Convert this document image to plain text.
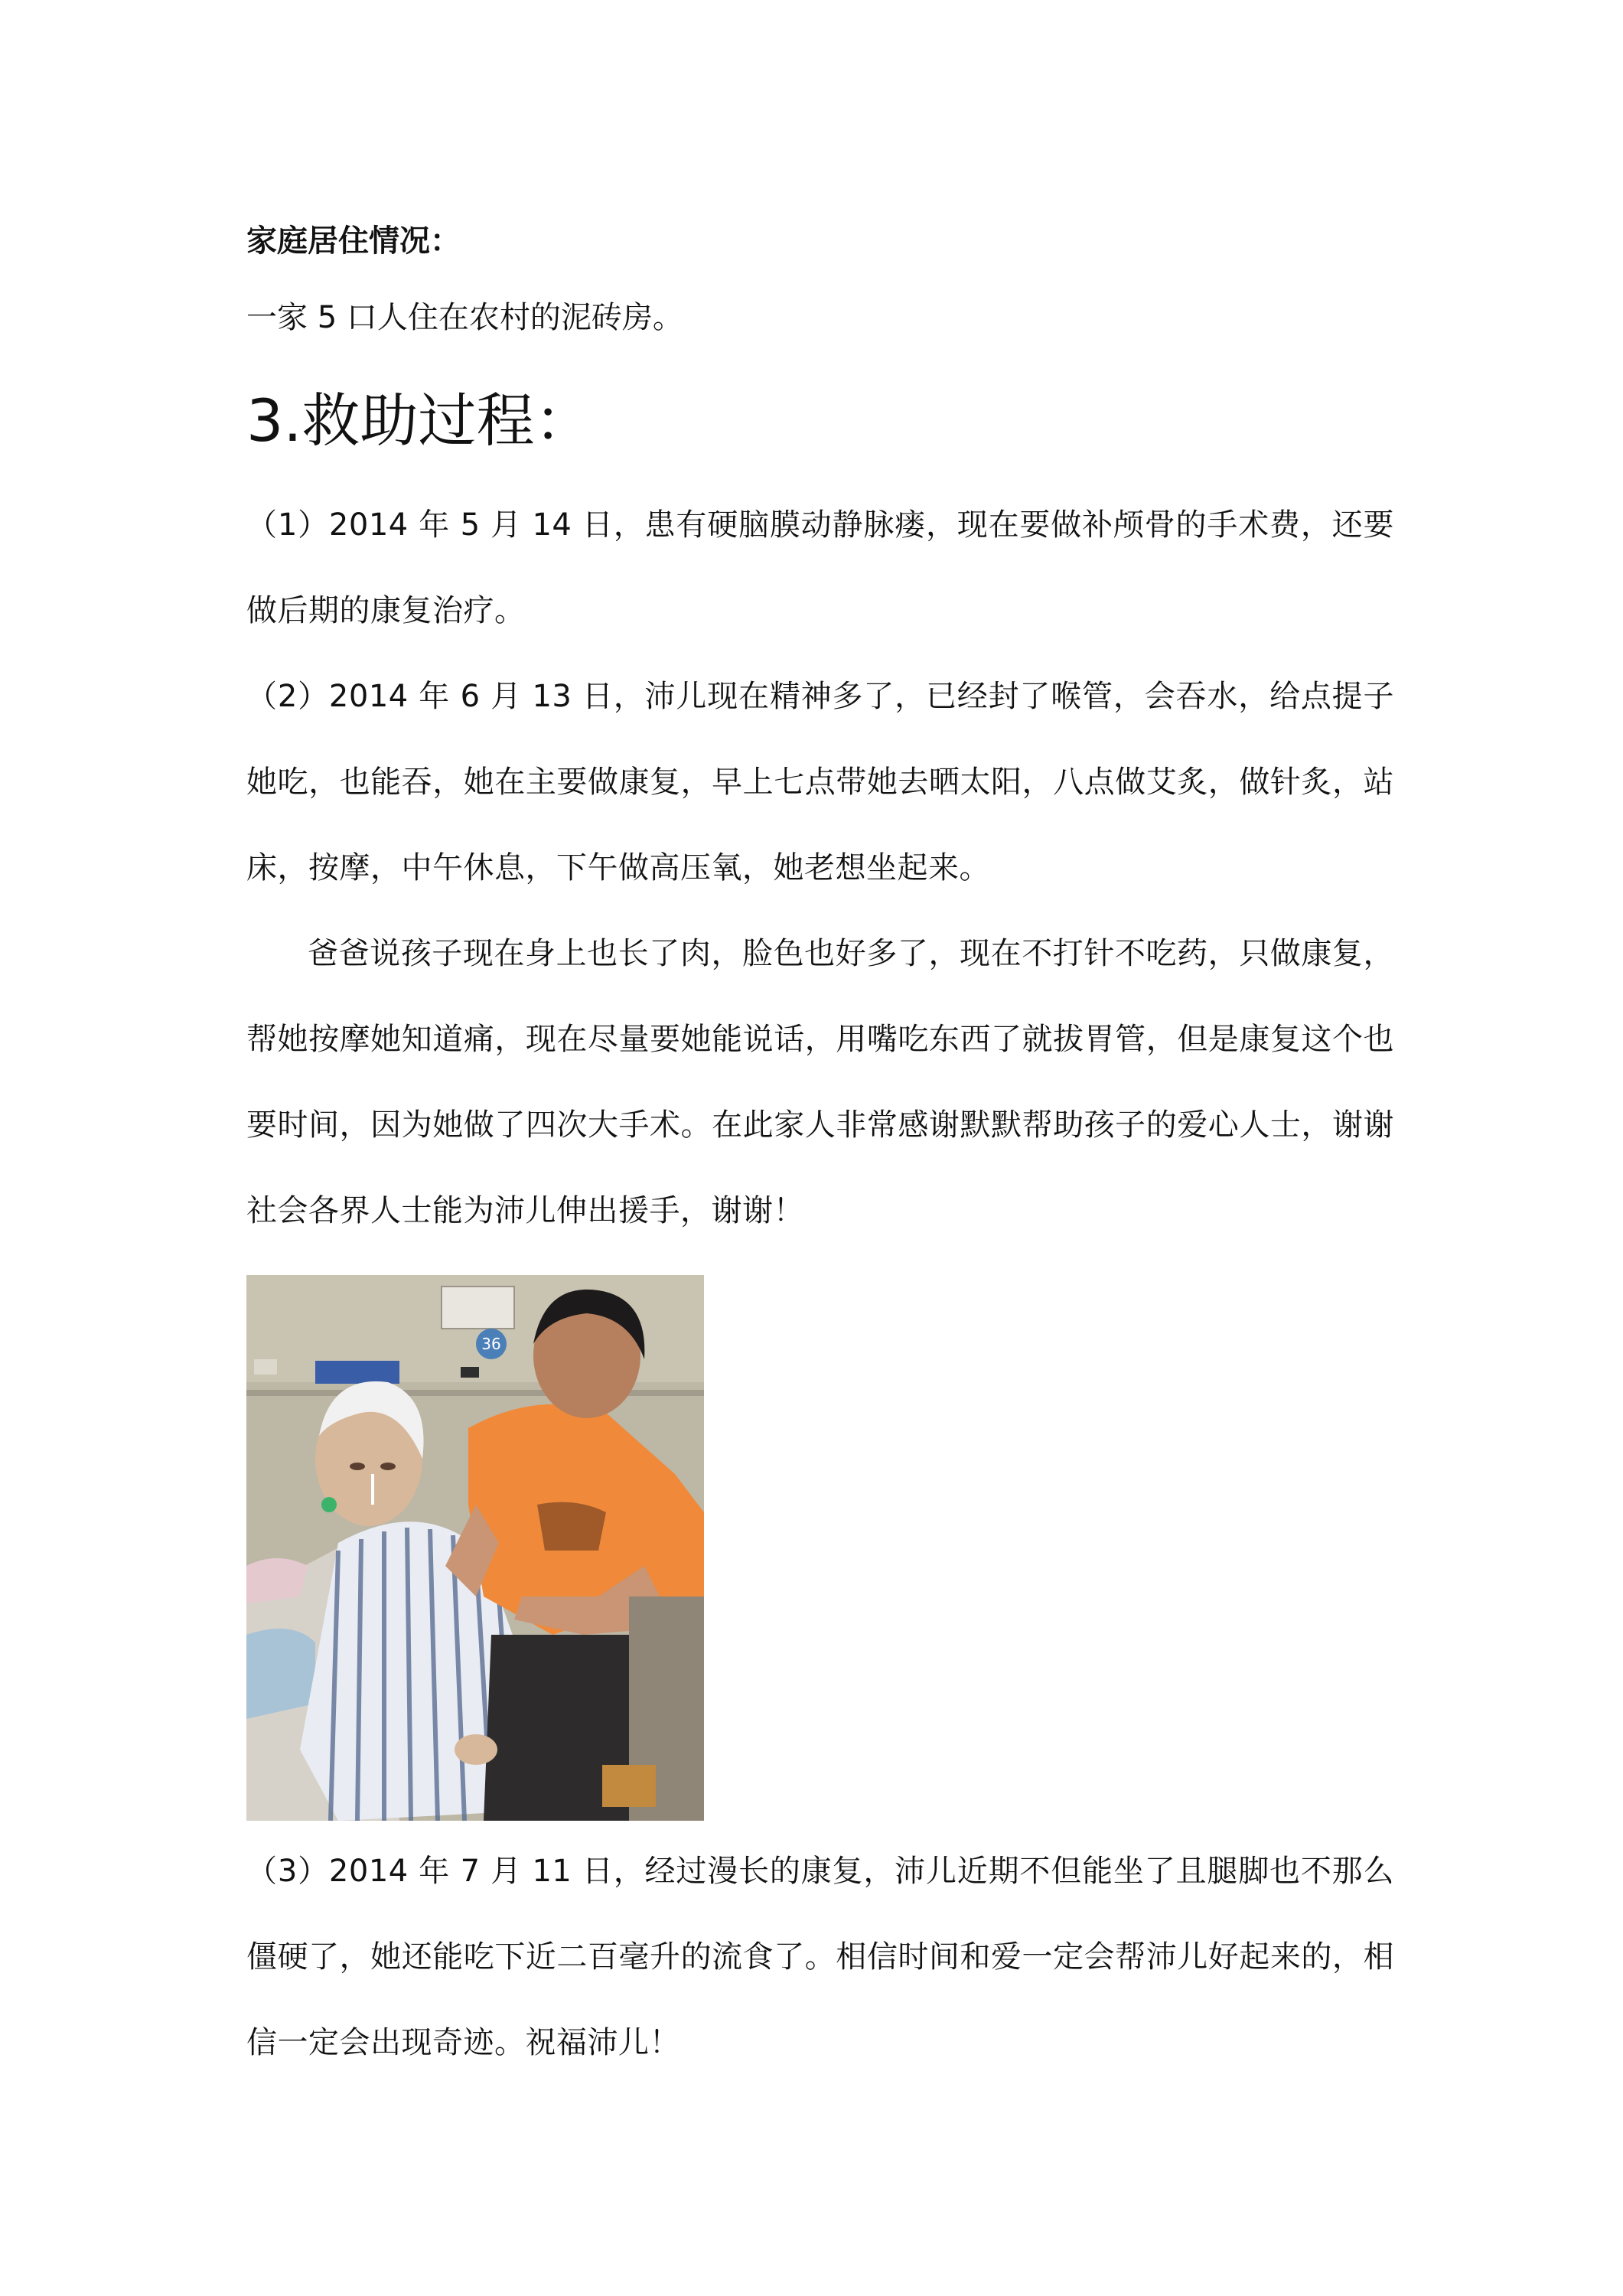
家庭居住情况：

一家 5 口人住在农村的泥砖房。

3.救助过程：

（1）2014 年 5 月 14 日，患有硬脑膜动静脉瘘，现在要做补颅骨的手术费，还要做后期的康复治疗。

（2）2014 年 6 月 13 日，沛儿现在精神多了，已经封了喉管，会吞水，给点提子她吃，也能吞，她在主要做康复，早上七点带她去晒太阳，八点做艾炙，做针炙，站床，按摩，中午休息，下午做高压氧，她老想坐起来。

爸爸说孩子现在身上也长了肉，脸色也好多了，现在不打针不吃药，只做康复，帮她按摩她知道痛，现在尽量要她能说话，用嘴吃东西了就拔胃管，但是康复这个也要时间，因为她做了四次大手术。在此家人非常感谢默默帮助孩子的爱心人士，谢谢社会各界人士能为沛儿伸出援手，谢谢！

36

（3）2014 年 7 月 11 日，经过漫长的康复，沛儿近期不但能坐了且腿脚也不那么僵硬了，她还能吃下近二百毫升的流食了。相信时间和爱一定会帮沛儿好起来的，相信一定会出现奇迹。祝福沛儿！
